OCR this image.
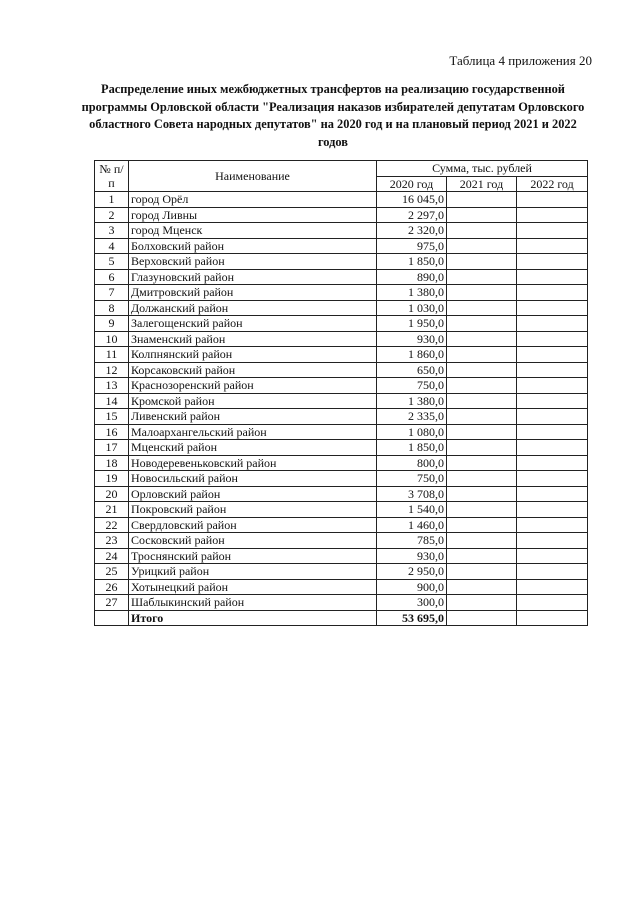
Таблица 4 приложения 20
Распределение иных межбюджетных трансфертов на реализацию государственной программы Орловской области "Реализация наказов избирателей депутатам Орловского областного Совета народных депутатов" на 2020 год и на плановый период 2021 и 2022 годов
№ п/п	Наименование	Сумма, тыс. рублей		
		2020 год	2021 год	2022 год
1	город Орёл	16 045,0		
2	город Ливны	2 297,0		
3	город Мценск	2 320,0		
4	Болховский район	975,0		
5	Верховский район	1 850,0		
6	Глазуновский район	890,0		
7	Дмитровский район	1 380,0		
8	Должанский район	1 030,0		
9	Залегощенский район	1 950,0		
10	Знаменский район	930,0		
11	Колпнянский район	1 860,0		
12	Корсаковский район	650,0		
13	Краснозоренский район	750,0		
14	Кромской район	1 380,0		
15	Ливенский район	2 335,0		
16	Малоархангельский район	1 080,0		
17	Мценский район	1 850,0		
18	Новодеревеньковский район	800,0		
19	Новосильский район	750,0		
20	Орловский район	3 708,0		
21	Покровский район	1 540,0		
22	Свердловский район	1 460,0		
23	Сосковский район	785,0		
24	Троснянский район	930,0		
25	Урицкий район	2 950,0		
26	Хотынецкий район	900,0		
27	Шаблыкинский район	300,0		
	Итого	53 695,0		
